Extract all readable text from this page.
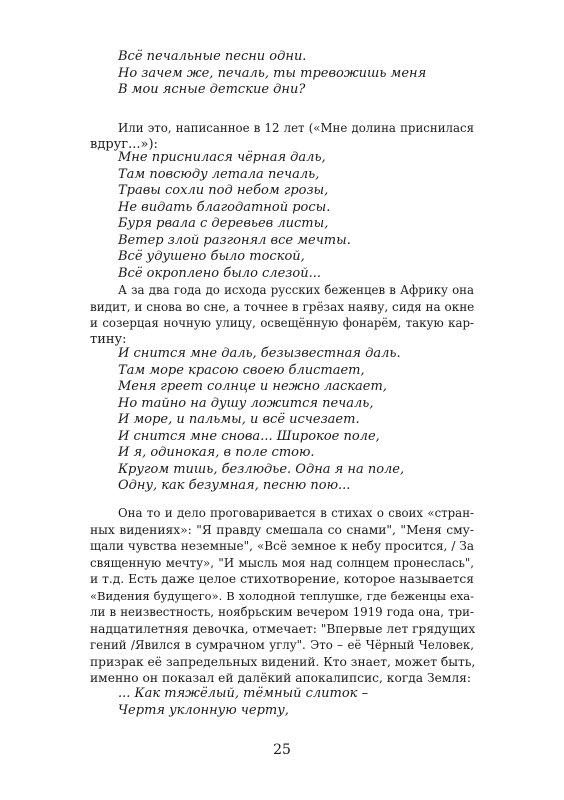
Всё печальные песни одни.
Но зачем же, печаль, ты тревожишь меня
В мои ясные детские дни?
Или это, написанное в 12 лет («Мне долина приснилася
вдруг...»):
Мне приснилася чёрная даль,
Там повсюду летала печаль,
Травы сохли под небом грозы,
Не видать благодатной росы.
Буря рвала с деревьев листы,
Ветер злой разгонял все мечты.
Всё удушено было тоской,
Всё окроплено было слезой...
А за два года до исхода русских беженцев в Африку она
видит, и снова во сне, а точнее в грёзах наяву, сидя на окне
и созерцая ночную улицу, освещённую фонарём, такую кар-
тину:
И снится мне даль, безызвестная даль.
Там море красою своею блистает,
Меня греет солнце и нежно ласкает,
Но тайно на душу ложится печаль,
И море, и пальмы, и всё исчезает.
И снится мне снова... Широкое поле,
И я, одинокая, в поле стою.
Кругом тишь, безлюдье. Одна я на поле,
Одну, как безумная, песню пою...
Она то и дело проговаривается в стихах о своих «стран-
ных видениях»: "Я правду смешала со снами", "Меня сму-
щали чувства неземные", «Всё земное к небу просится, / За
священную мечту», "И мысль моя над солнцем пронеслась",
и т.д. Есть даже целое стихотворение, которое называется
«Видения будущего». В холодной теплушке, где беженцы еха-
ли в неизвестность, ноябрьским вечером 1919 года она, три-
надцатилетняя девочка, отмечает: "Впервые лет грядущих
гений /Явился в сумрачном углу". Это – её Чёрный Человек,
призрак её запредельных видений. Кто знает, может быть,
именно он показал ей далёкий апокалипсис, когда Земля:
... Как тяжёлый, тёмный слиток –
Чертя уклонную черту,
25
